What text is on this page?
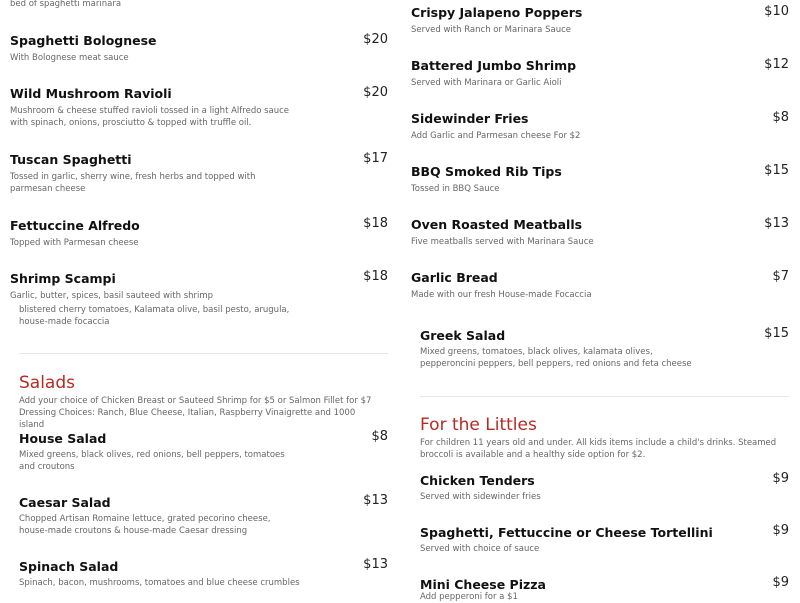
bed of spaghetti marinara
Spaghetti Bolognese	$20
With Bolognese meat sauce
Wild Mushroom Ravioli	$20
Mushroom & cheese stuffed ravioli tossed in a light Alfredo sauce with spinach, onions, prosciutto & topped with truffle oil.
Tuscan Spaghetti	$17
Tossed in garlic, sherry wine, fresh herbs and topped with parmesan cheese
Fettuccine Alfredo	$18
Topped with Parmesan cheese
Shrimp Scampi	$18
Garlic, butter, spices, basil sauteed with shrimp
Crispy Jalapeno Poppers	$10
Served with Ranch or Marinara Sauce
Battered Jumbo Shrimp	$12
Served with Marinara or Garlic Aioli
Sidewinder Fries	$8
Add Garlic and Parmesan cheese For $2
BBQ Smoked Rib Tips	$15
Tossed in BBQ Sauce
Oven Roasted Meatballs	$13
Five meatballs served with Marinara Sauce
Garlic Bread	$7
Made with our fresh House-made Focaccia
blistered cherry tomatoes, Kalamata olive, basil pesto, arugula, house-made focaccia
Salads
Add your choice of Chicken Breast or Sauteed Shrimp for $5 or Salmon Fillet for $7 Dressing Choices: Ranch, Blue Cheese, Italian, Raspberry Vinaigrette and 1000 island
House Salad	$8
Mixed greens, black olives, red onions, bell peppers, tomatoes and croutons
Caesar Salad	$13
Chopped Artisan Romaine lettuce, grated pecorino cheese, house-made croutons & house-made Caesar dressing
Spinach Salad	$13
Spinach, bacon, mushrooms, tomatoes and blue cheese crumbles
Greek Salad	$15
Mixed greens, tomatoes, black olives, kalamata olives, pepperoncini peppers, bell peppers, red onions and feta cheese
For the Littles
For children 11 years old and under. All kids items include a child's drinks. Steamed broccoli is available and a healthy side option for $2.
Chicken Tenders	$9
Served with sidewinder fries
Spaghetti, Fettuccine or Cheese Tortellini	$9
Served with choice of sauce
Mini Cheese Pizza	$9
Add pepperoni for a $1
